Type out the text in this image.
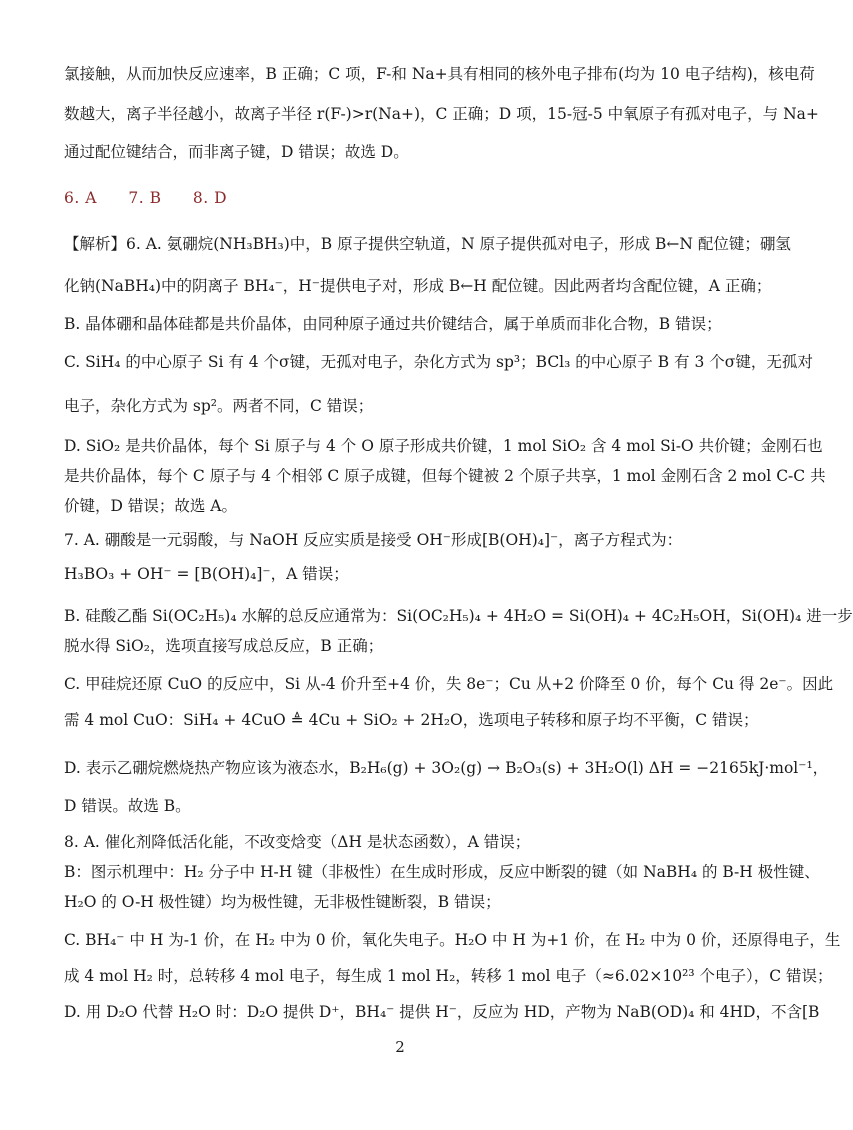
氯接触，从而加快反应速率，B 正确；C 项，F-和 Na+具有相同的核外电子排布(均为 10 电子结构)，核电荷
数越大，离子半径越小，故离子半径 r(F-)>r(Na+)，C 正确；D 项，15-冠-5 中氧原子有孤对电子，与 Na+
通过配位键结合，而非离子键，D 错误；故选 D。
6. A 7. B 8. D
【解析】6. A. 氨硼烷(NH₃BH₃)中，B 原子提供空轨道，N 原子提供孤对电子，形成 B←N 配位键；硼氢
化钠(NaBH₄)中的阴离子 BH₄⁻，H⁻提供电子对，形成 B←H 配位键。因此两者均含配位键，A 正确；
B. 晶体硼和晶体硅都是共价晶体，由同种原子通过共价键结合，属于单质而非化合物，B 错误；
C. SiH₄ 的中心原子 Si 有 4 个σ键，无孤对电子，杂化方式为 sp³；BCl₃ 的中心原子 B 有 3 个σ键，无孤对
电子，杂化方式为 sp²。两者不同，C 错误；
D. SiO₂ 是共价晶体，每个 Si 原子与 4 个 O 原子形成共价键，1 mol SiO₂ 含 4 mol Si-O 共价键；金刚石也
是共价晶体，每个 C 原子与 4 个相邻 C 原子成键，但每个键被 2 个原子共享，1 mol 金刚石含 2 mol C-C 共
价键，D 错误；故选 A。
7. A. 硼酸是一元弱酸，与 NaOH 反应实质是接受 OH⁻形成[B(OH)₄]⁻，离子方程式为：
H₃BO₃ + OH⁻ = [B(OH)₄]⁻，A 错误；
B. 硅酸乙酯 Si(OC₂H₅)₄ 水解的总反应通常为：Si(OC₂H₅)₄ + 4H₂O = Si(OH)₄ + 4C₂H₅OH，Si(OH)₄ 进一步
脱水得 SiO₂，选项直接写成总反应，B 正确；
C. 甲硅烷还原 CuO 的反应中，Si 从-4 价升至+4 价，失 8e⁻；Cu 从+2 价降至 0 价，每个 Cu 得 2e⁻。因此
需 4 mol CuO：SiH₄ + 4CuO ≜ 4Cu + SiO₂ + 2H₂O，选项电子转移和原子均不平衡，C 错误；
D. 表示乙硼烷燃烧热产物应该为液态水，B₂H₆(g) + 3O₂(g) → B₂O₃(s) + 3H₂O(l) ΔH = −2165kJ·mol⁻¹，
D 错误。故选 B。
8. A. 催化剂降低活化能，不改变焓变（ΔH 是状态函数），A 错误；
B：图示机理中：H₂ 分子中 H-H 键（非极性）在生成时形成，反应中断裂的键（如 NaBH₄ 的 B-H 极性键、
H₂O 的 O-H 极性键）均为极性键，无非极性键断裂，B 错误；
C. BH₄⁻ 中 H 为-1 价，在 H₂ 中为 0 价，氧化失电子。H₂O 中 H 为+1 价，在 H₂ 中为 0 价，还原得电子，生
成 4 mol H₂ 时，总转移 4 mol 电子，每生成 1 mol H₂，转移 1 mol 电子（≈6.02×10²³ 个电子），C 错误；
D. 用 D₂O 代替 H₂O 时：D₂O 提供 D⁺，BH₄⁻ 提供 H⁻，反应为 HD，产物为 NaB(OD)₄ 和 4HD，不含[B
2
